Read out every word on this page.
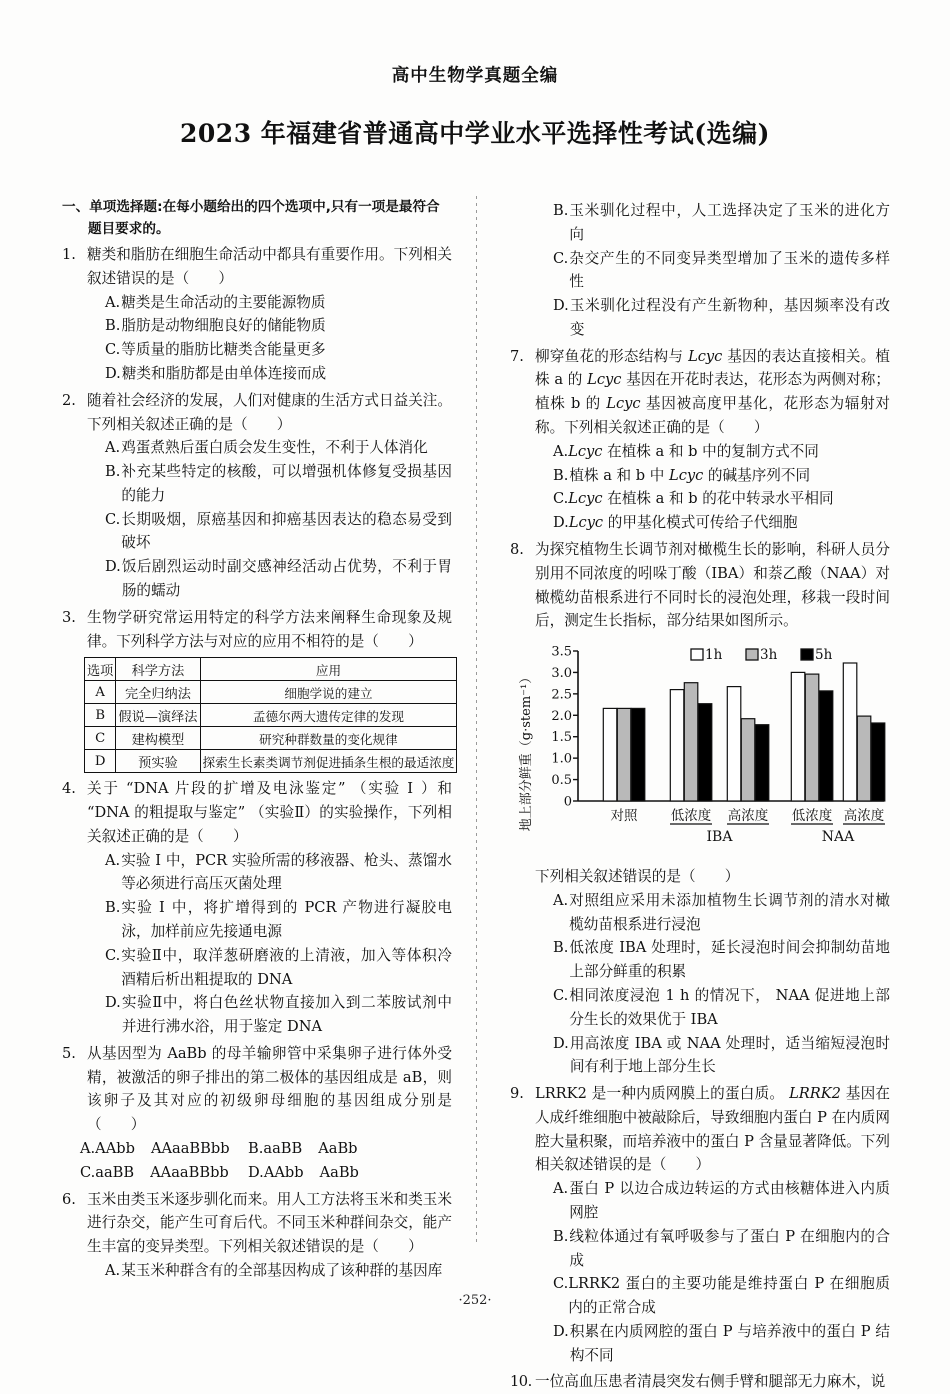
高中生物学真题全编
2023 年福建省普通高中学业水平选择性考试(选编)
一、单项选择题:在每小题给出的四个选项中,只有一项是最符合题目要求的。
1. 糖类和脂肪在细胞生命活动中都具有重要作用。下列相关叙述错误的是（　　）
A. 糖类是生命活动的主要能源物质
B. 脂肪是动物细胞良好的储能物质
C. 等质量的脂肪比糖类含能量更多
D. 糖类和脂肪都是由单体连接而成
2. 随着社会经济的发展，人们对健康的生活方式日益关注。下列相关叙述正确的是（　　）
A. 鸡蛋煮熟后蛋白质会发生变性，不利于人体消化
B. 补充某些特定的核酸，可以增强机体修复受损基因的能力
C. 长期吸烟，原癌基因和抑癌基因表达的稳态易受到破坏
D. 饭后剧烈运动时副交感神经活动占优势，不利于胃肠的蠕动
3. 生物学研究常运用特定的科学方法来阐释生命现象及规律。下列科学方法与对应的应用不相符的是（　　）
选项	科学方法	应用
A	完全归纳法	细胞学说的建立
B	假说—演绎法	孟德尔两大遗传定律的发现
C	建构模型	研究种群数量的变化规律
D	预实验	探索生长素类调节剂促进插条生根的最适浓度
4. 关于 “DNA 片段的扩增及电泳鉴定” （实验 Ⅰ ）和 “DNA 的粗提取与鉴定” （实验Ⅱ）的实验操作，下列相关叙述正确的是（　　）
A. 实验 Ⅰ 中，PCR 实验所需的移液器、枪头、蒸馏水等必须进行高压灭菌处理
B. 实验 Ⅰ 中，将扩增得到的 PCR 产物进行凝胶电泳，加样前应先接通电源
C. 实验Ⅱ中，取洋葱研磨液的上清液，加入等体积冷酒精后析出粗提取的 DNA
D. 实验Ⅱ中，将白色丝状物直接加入到二苯胺试剂中并进行沸水浴，用于鉴定 DNA
5. 从基因型为 AaBb 的母羊输卵管中采集卵子进行体外受精，被激活的卵子排出的第二极体的基因组成是 aB，则该卵子及其对应的初级卵母细胞的基因组成分别是（　　）
A.AAbb AAaaBBbb	B.aaBB AaBb
C.aaBB AAaaBBbb	D.AAbb AaBb
6. 玉米由类玉米逐步驯化而来。用人工方法将玉米和类玉米进行杂交，能产生可育后代。不同玉米种群间杂交，能产生丰富的变异类型。下列相关叙述错误的是（　　）
A. 某玉米种群含有的全部基因构成了该种群的基因库
B. 玉米驯化过程中，人工选择决定了玉米的进化方向
C. 杂交产生的不同变异类型增加了玉米的遗传多样性
D. 玉米驯化过程没有产生新物种，基因频率没有改变
7. 柳穿鱼花的形态结构与 Lcyc 基因的表达直接相关。植株 a 的 Lcyc 基因在开花时表达，花形态为两侧对称；植株 b 的 Lcyc 基因被高度甲基化，花形态为辐射对称。下列相关叙述正确的是（　　）
A. Lcyc 在植株 a 和 b 中的复制方式不同
B. 植株 a 和 b 中 Lcyc 的碱基序列不同
C. Lcyc 在植株 a 和 b 的花中转录水平相同
D. Lcyc 的甲基化模式可传给子代细胞
8. 为探究植物生长调节剂对橄榄生长的影响，科研人员分别用不同浓度的吲哚丁酸（IBA）和萘乙酸（NAA）对橄榄幼苗根系进行不同时长的浸泡处理，移栽一段时间后，测定生长指标，部分结果如图所示。
地上部分鲜重（g·stem⁻¹） 0
0.5
1.0
1.5
2.0
2.5
3.0
3.5	1h	3h	5h
对照 低浓度 高浓度 低浓度 高浓度
IBA	NAA
下列相关叙述错误的是（　　）
A. 对照组应采用未添加植物生长调节剂的清水对橄榄幼苗根系进行浸泡
B. 低浓度 IBA 处理时，延长浸泡时间会抑制幼苗地上部分鲜重的积累
C. 相同浓度浸泡 1 h 的情况下， NAA 促进地上部分生长的效果优于 IBA
D. 用高浓度 IBA 或 NAA 处理时，适当缩短浸泡时间有利于地上部分生长
9. LRRK2 是一种内质网膜上的蛋白质。 LRRK2 基因在人成纤维细胞中被敲除后，导致细胞内蛋白 P 在内质网腔大量积聚，而培养液中的蛋白 P 含量显著降低。下列相关叙述错误的是（　　）
A. 蛋白 P 以边合成边转运的方式由核糖体进入内质网腔
B. 线粒体通过有氧呼吸参与了蛋白 P 在细胞内的合成
C. LRRK2 蛋白的主要功能是维持蛋白 P 在细胞质内的正常合成
D. 积累在内质网腔的蛋白 P 与培养液中的蛋白 P 结构不同
10. 一位高血压患者清晨突发右侧手臂和腿部无力麻木，说
·252·
